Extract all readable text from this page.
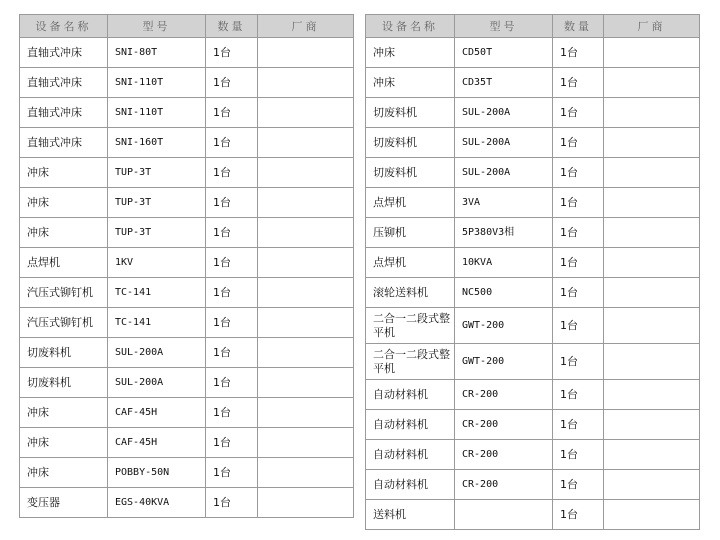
设备名称	型号	数量	厂商
直轴式冲床	SNI-80T	1台	
直轴式冲床	SNI-110T	1台	
直轴式冲床	SNI-110T	1台	
直轴式冲床	SNI-160T	1台	
冲床	TUP-3T	1台	
冲床	TUP-3T	1台	
冲床	TUP-3T	1台	
点焊机	1KV	1台	
汽压式铆钉机	TC-141	1台	
汽压式铆钉机	TC-141	1台	
切废料机	SUL-200A	1台	
切废料机	SUL-200A	1台	
冲床	CAF-45H	1台	
冲床	CAF-45H	1台	
冲床	POBBY-50N	1台	
变压器	EGS-40KVA	1台	
设备名称	型号	数量	厂商
冲床	CD50T	1台	
冲床	CD35T	1台	
切废料机	SUL-200A	1台	
切废料机	SUL-200A	1台	
切废料机	SUL-200A	1台	
点焊机	3VA	1台	
压铆机	5P380V3相	1台	
点焊机	10KVA	1台	
滚轮送料机	NC500	1台	
二合一二段式整平机	GWT-200	1台	
二合一二段式整平机	GWT-200	1台	
自动材料机	CR-200	1台	
自动材料机	CR-200	1台	
自动材料机	CR-200	1台	
自动材料机	CR-200	1台	
送料机		1台	
